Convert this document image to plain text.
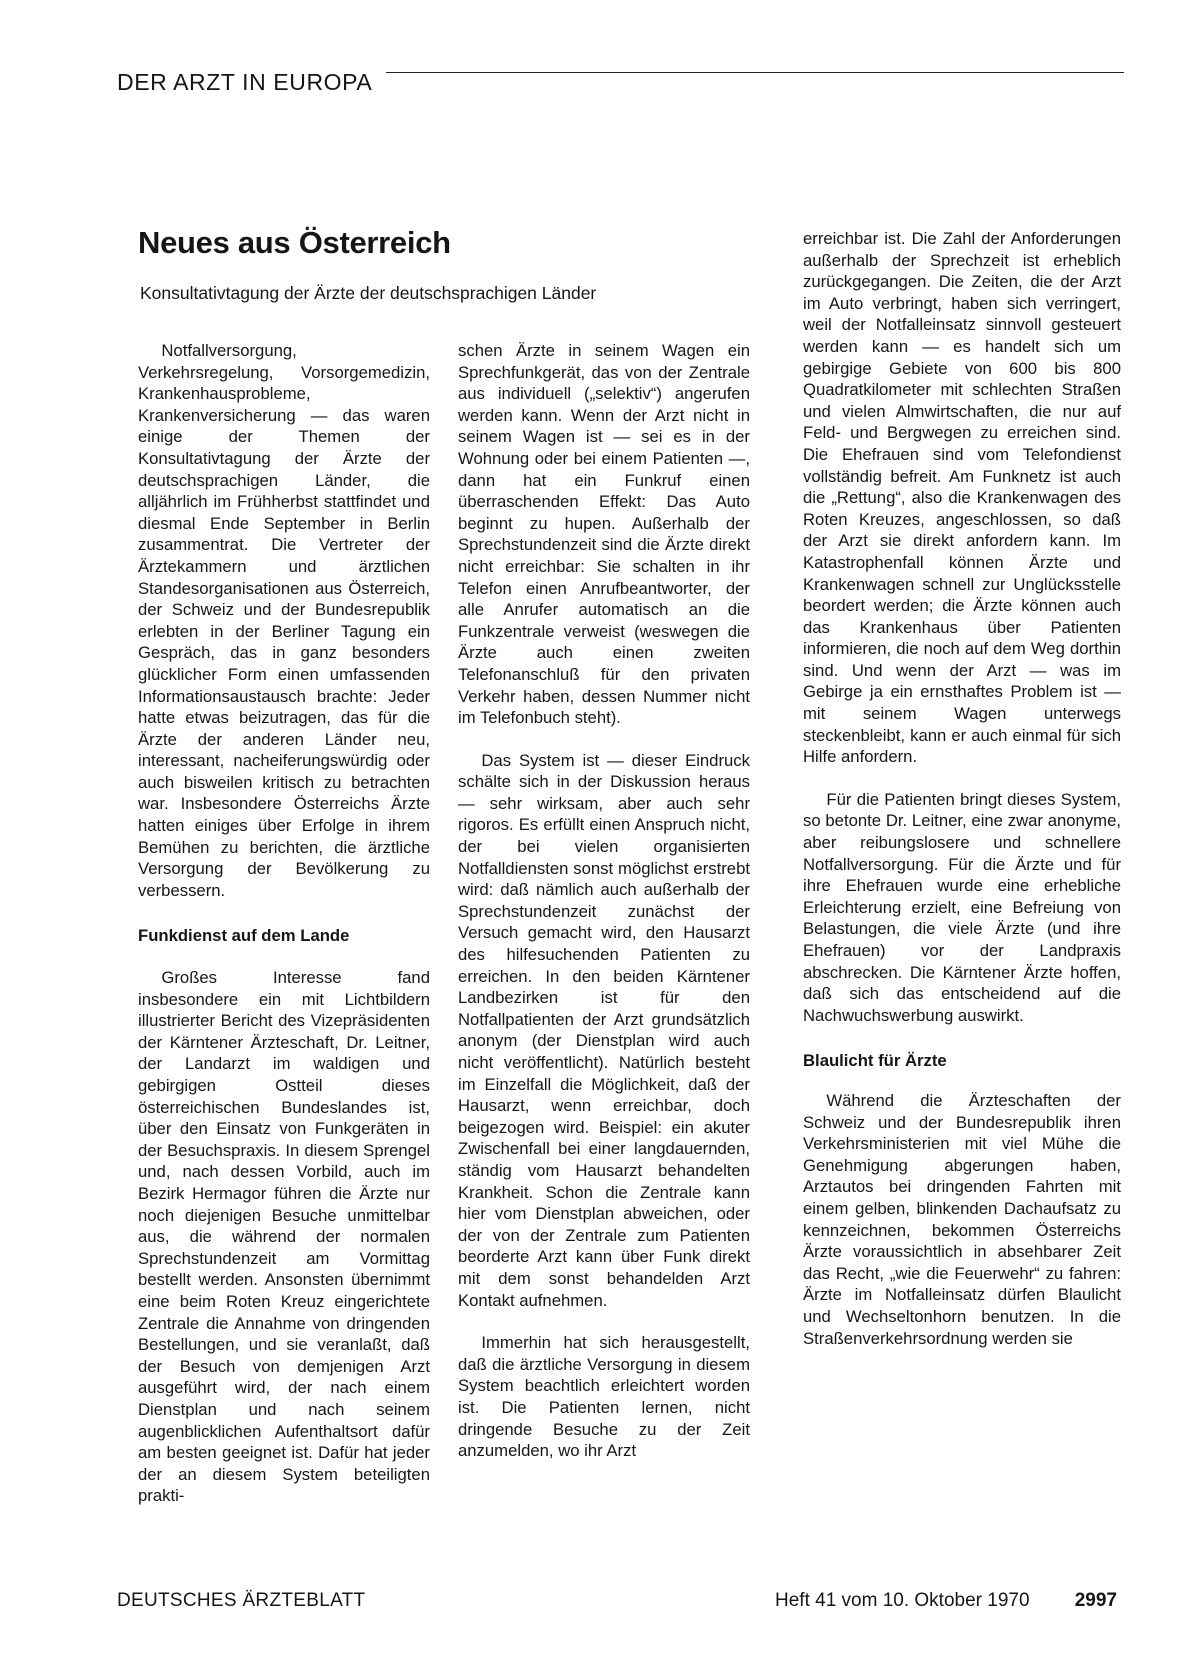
DER ARZT IN EUROPA
Neues aus Österreich

Konsultativtagung der Ärzte der deutschsprachigen Länder

Notfallversorgung, Verkehrsregelung, Vorsorgemedizin, Krankenhausprobleme, Krankenversicherung — das waren einige der Themen der Konsultativtagung der Ärzte der deutschsprachigen Länder, die alljährlich im Frühherbst stattfindet und diesmal Ende September in Berlin zusammentrat. Die Vertreter der Ärztekammern und ärztlichen Standesorganisationen aus Österreich, der Schweiz und der Bundesrepublik erlebten in der Berliner Tagung ein Gespräch, das in ganz besonders glücklicher Form einen umfassenden Informationsaustausch brachte: Jeder hatte etwas beizutragen, das für die Ärzte der anderen Länder neu, interessant, nacheiferungswürdig oder auch bisweilen kritisch zu betrachten war. Insbesondere Österreichs Ärzte hatten einiges über Erfolge in ihrem Bemühen zu berichten, die ärztliche Versorgung der Bevölkerung zu verbessern.

Funkdienst auf dem Lande

Großes Interesse fand insbesondere ein mit Lichtbildern illustrierter Bericht des Vizepräsidenten der Kärntener Ärzteschaft, Dr. Leitner, der Landarzt im waldigen und gebirgigen Ostteil dieses österreichischen Bundeslandes ist, über den Einsatz von Funkgeräten in der Besuchspraxis. In diesem Sprengel und, nach dessen Vorbild, auch im Bezirk Hermagor führen die Ärzte nur noch diejenigen Besuche unmittelbar aus, die während der normalen Sprechstundenzeit am Vormittag bestellt werden. Ansonsten übernimmt eine beim Roten Kreuz eingerichtete Zentrale die Annahme von dringenden Bestellungen, und sie veranlaßt, daß der Besuch von demjenigen Arzt ausgeführt wird, der nach einem Dienstplan und nach seinem augenblicklichen Aufenthaltsort dafür am besten geeignet ist. Dafür hat jeder der an diesem System beteiligten prakti-

schen Ärzte in seinem Wagen ein Sprechfunkgerät, das von der Zentrale aus individuell („selektiv“) angerufen werden kann. Wenn der Arzt nicht in seinem Wagen ist — sei es in der Wohnung oder bei einem Patienten —, dann hat ein Funkruf einen überraschenden Effekt: Das Auto beginnt zu hupen. Außerhalb der Sprechstundenzeit sind die Ärzte direkt nicht erreichbar: Sie schalten in ihr Telefon einen Anrufbeantworter, der alle Anrufer automatisch an die Funkzentrale verweist (weswegen die Ärzte auch einen zweiten Telefonanschluß für den privaten Verkehr haben, dessen Nummer nicht im Telefonbuch steht).

Das System ist — dieser Eindruck schälte sich in der Diskussion heraus — sehr wirksam, aber auch sehr rigoros. Es erfüllt einen Anspruch nicht, der bei vielen organisierten Notfalldiensten sonst möglichst erstrebt wird: daß nämlich auch außerhalb der Sprechstundenzeit zunächst der Versuch gemacht wird, den Hausarzt des hilfesuchenden Patienten zu erreichen. In den beiden Kärntener Landbezirken ist für den Notfallpatienten der Arzt grundsätzlich anonym (der Dienstplan wird auch nicht veröffentlicht). Natürlich besteht im Einzelfall die Möglichkeit, daß der Hausarzt, wenn erreichbar, doch beigezogen wird. Beispiel: ein akuter Zwischenfall bei einer langdauernden, ständig vom Hausarzt behandelten Krankheit. Schon die Zentrale kann hier vom Dienstplan abweichen, oder der von der Zentrale zum Patienten beorderte Arzt kann über Funk direkt mit dem sonst behandelden Arzt Kontakt aufnehmen.

Immerhin hat sich herausgestellt, daß die ärztliche Versorgung in diesem System beachtlich erleichtert worden ist. Die Patienten lernen, nicht dringende Besuche zu der Zeit anzumelden, wo ihr Arzt

erreichbar ist. Die Zahl der Anforderungen außerhalb der Sprechzeit ist erheblich zurückgegangen. Die Zeiten, die der Arzt im Auto verbringt, haben sich verringert, weil der Notfalleinsatz sinnvoll gesteuert werden kann — es handelt sich um gebirgige Gebiete von 600 bis 800 Quadratkilometer mit schlechten Straßen und vielen Almwirtschaften, die nur auf Feld- und Bergwegen zu erreichen sind. Die Ehefrauen sind vom Telefondienst vollständig befreit. Am Funknetz ist auch die „Rettung“, also die Krankenwagen des Roten Kreuzes, angeschlossen, so daß der Arzt sie direkt anfordern kann. Im Katastrophenfall können Ärzte und Krankenwagen schnell zur Unglücksstelle beordert werden; die Ärzte können auch das Krankenhaus über Patienten informieren, die noch auf dem Weg dorthin sind. Und wenn der Arzt — was im Gebirge ja ein ernsthaftes Problem ist — mit seinem Wagen unterwegs steckenbleibt, kann er auch einmal für sich Hilfe anfordern.

Für die Patienten bringt dieses System, so betonte Dr. Leitner, eine zwar anonyme, aber reibungslosere und schnellere Notfallversorgung. Für die Ärzte und für ihre Ehefrauen wurde eine erhebliche Erleichterung erzielt, eine Befreiung von Belastungen, die viele Ärzte (und ihre Ehefrauen) vor der Landpraxis abschrecken. Die Kärntener Ärzte hoffen, daß sich das entscheidend auf die Nachwuchswerbung auswirkt.

Blaulicht für Ärzte

Während die Ärzteschaften der Schweiz und der Bundesrepublik ihren Verkehrsministerien mit viel Mühe die Genehmigung abgerungen haben, Arztautos bei dringenden Fahrten mit einem gelben, blinkenden Dachaufsatz zu kennzeichnen, bekommen Österreichs Ärzte voraussichtlich in absehbarer Zeit das Recht, „wie die Feuerwehr“ zu fahren: Ärzte im Notfalleinsatz dürfen Blaulicht und Wechseltonhorn benutzen. In die Straßenverkehrsordnung werden sie

DEUTSCHES ÄRZTEBLATT	Heft 41 vom 10. Oktober 1970 2997
